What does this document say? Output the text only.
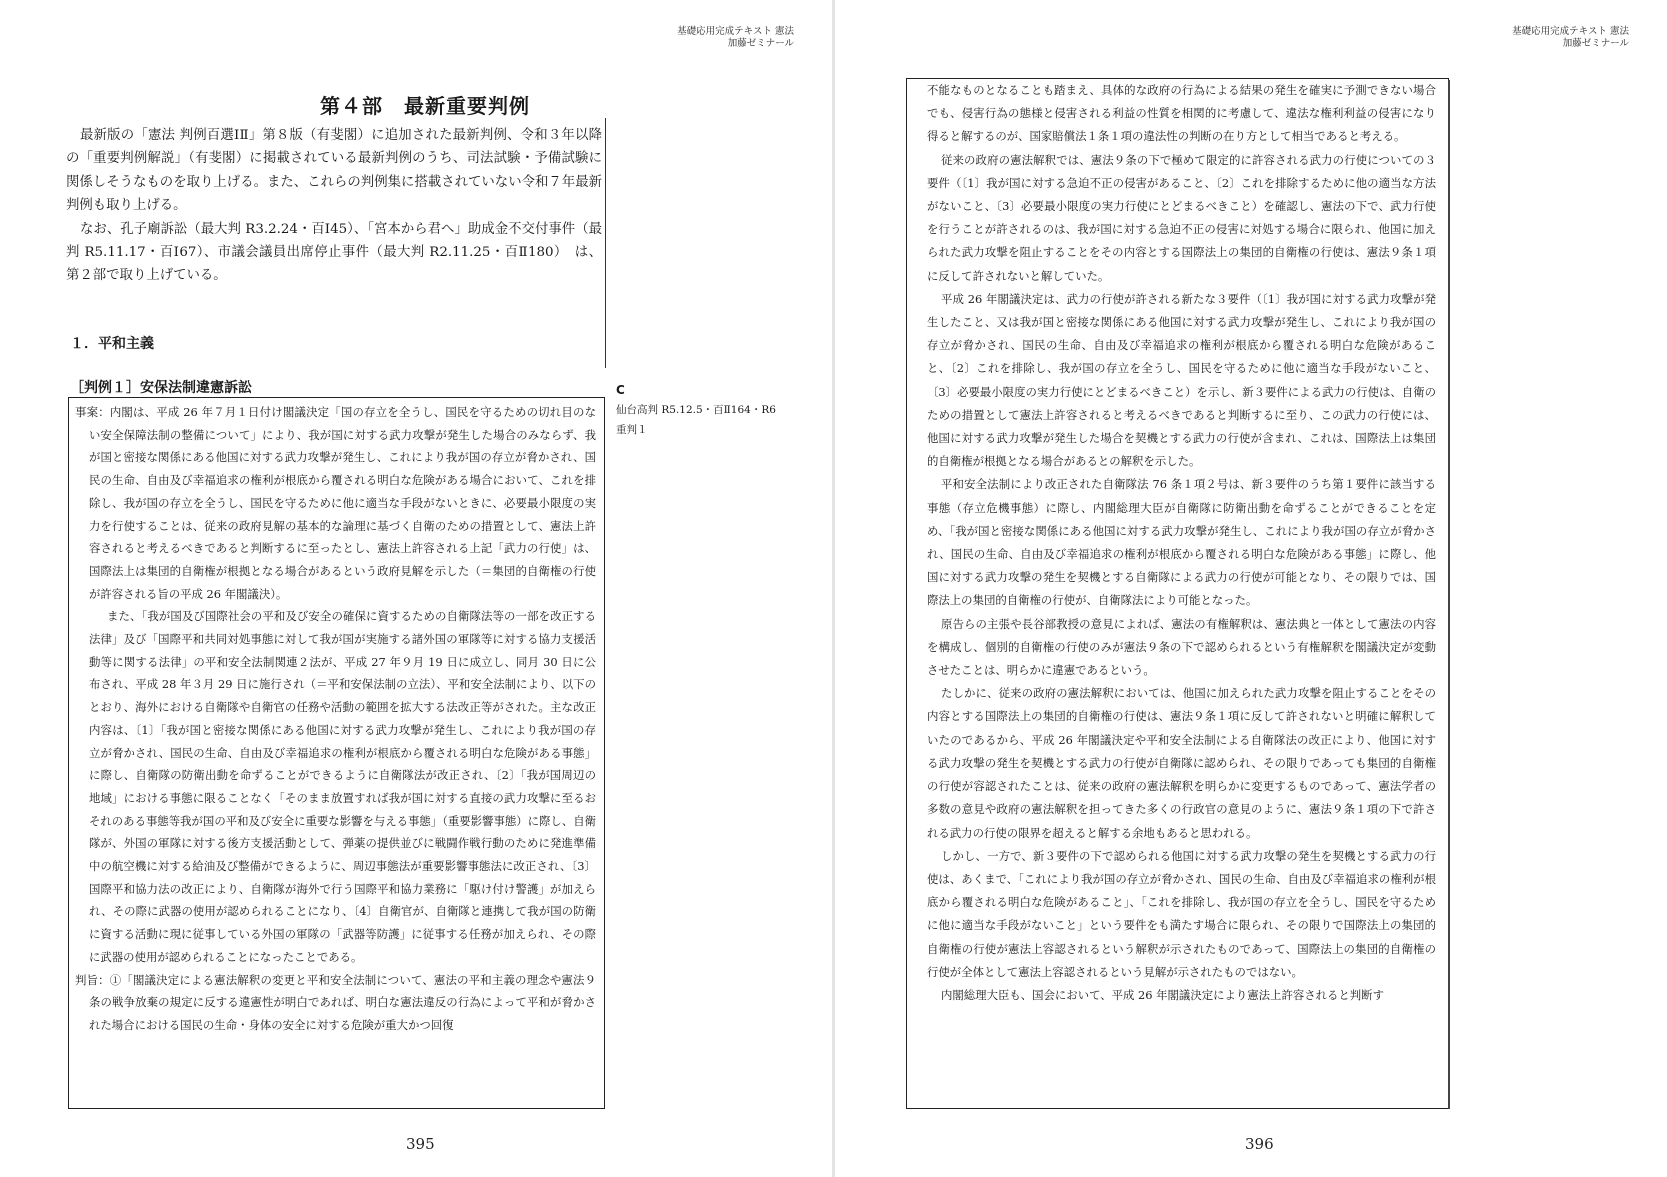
基礎応用完成テキスト 憲法
加藤ゼミナール
第４部　最新重要判例

最新版の「憲法 判例百選ⅠⅡ」第８版（有斐閣）に追加された最新判例、令和３年以降の「重要判例解説」（有斐閣）に掲載されている最新判例のうち、司法試験・予備試験に関係しそうなものを取り上げる。また、これらの判例集に搭載されていない令和７年最新判例も取り上げる。

なお、孔子廟訴訟（最大判 R3.2.24・百Ⅰ45）、「宮本から君へ」助成金不交付事件（最判 R5.11.17・百Ⅰ67）、市議会議員出席停止事件（最大判 R2.11.25・百Ⅱ180）　は、第２部で取り上げている。

１．平和主義
［判例１］安保法制違憲訴訟

事案：内閣は、平成 26 年７月１日付け閣議決定「国の存立を全うし、国民を守るための切れ目のない安全保障法制の整備について」により、我が国に対する武力攻撃が発生した場合のみならず、我が国と密接な関係にある他国に対する武力攻撃が発生し、これにより我が国の存立が脅かされ、国民の生命、自由及び幸福追求の権利が根底から覆される明白な危険がある場合において、これを排除し、我が国の存立を全うし、国民を守るために他に適当な手段がないときに、必要最小限度の実力を行使することは、従来の政府見解の基本的な論理に基づく自衛のための措置として、憲法上許容されると考えるべきであると判断するに至ったとし、憲法上許容される上記「武力の行使」は、国際法上は集団的自衛権が根拠となる場合があるという政府見解を示した（＝集団的自衛権の行使が許容される旨の平成 26 年閣議決）。

また、「我が国及び国際社会の平和及び安全の確保に資するための自衛隊法等の一部を改正する法律」及び「国際平和共同対処事態に対して我が国が実施する諸外国の軍隊等に対する協力支援活動等に関する法律」の平和安全法制関連２法が、平成 27 年９月 19 日に成立し、同月 30 日に公布され、平成 28 年３月 29 日に施行され（＝平和安保法制の立法）、平和安全法制により、以下のとおり、海外における自衛隊や自衛官の任務や活動の範囲を拡大する法改正等がされた。主な改正内容は、〔1〕「我が国と密接な関係にある他国に対する武力攻撃が発生し、これにより我が国の存立が脅かされ、国民の生命、自由及び幸福追求の権利が根底から覆される明白な危険がある事態」に際し、自衛隊の防衛出動を命ずることができるように自衛隊法が改正され、〔2〕「我が国周辺の地域」における事態に限ることなく「そのまま放置すれば我が国に対する直接の武力攻撃に至るおそれのある事態等我が国の平和及び安全に重要な影響を与える事態」（重要影響事態）に際し、自衛隊が、外国の軍隊に対する後方支援活動として、弾薬の提供並びに戦闘作戦行動のために発進準備中の航空機に対する給油及び整備ができるように、周辺事態法が重要影響事態法に改正され、〔3〕国際平和協力法の改正により、自衛隊が海外で行う国際平和協力業務に「駆け付け警護」が加えられ、その際に武器の使用が認められることになり、〔4〕自衛官が、自衛隊と連携して我が国の防衛に資する活動に現に従事している外国の軍隊の「武器等防護」に従事する任務が加えられ、その際に武器の使用が認められることになったことである。

判旨：①「閣議決定による憲法解釈の変更と平和安全法制について、憲法の平和主義の理念や憲法９条の戦争放棄の規定に反する違憲性が明白であれば、明白な憲法違反の行為によって平和が脅かされた場合における国民の生命・身体の安全に対する危険が重大かつ回復

C
仙台高判 R5.12.5・百Ⅱ164・R6 重判１
395
基礎応用完成テキスト 憲法
加藤ゼミナール

不能なものとなることも踏まえ、具体的な政府の行為による結果の発生を確実に予測できない場合でも、侵害行為の態様と侵害される利益の性質を相関的に考慮して、違法な権利利益の侵害になり得ると解するのが、国家賠償法１条１項の違法性の判断の在り方として相当であると考える。

従来の政府の憲法解釈では、憲法９条の下で極めて限定的に許容される武力の行使についての３要件（〔1〕我が国に対する急迫不正の侵害があること、〔2〕これを排除するために他の適当な方法がないこと、〔3〕必要最小限度の実力行使にとどまるべきこと）を確認し、憲法の下で、武力行使を行うことが許されるのは、我が国に対する急迫不正の侵害に対処する場合に限られ、他国に加えられた武力攻撃を阻止することをその内容とする国際法上の集団的自衛権の行使は、憲法９条１項に反して許されないと解していた。

平成 26 年閣議決定は、武力の行使が許される新たな３要件（〔1〕我が国に対する武力攻撃が発生したこと、又は我が国と密接な関係にある他国に対する武力攻撃が発生し、これにより我が国の存立が脅かされ、国民の生命、自由及び幸福追求の権利が根底から覆される明白な危険があること、〔2〕これを排除し、我が国の存立を全うし、国民を守るために他に適当な手段がないこと、〔3〕必要最小限度の実力行使にとどまるべきこと）を示し、新３要件による武力の行使は、自衛のための措置として憲法上許容されると考えるべきであると判断するに至り、この武力の行使には、他国に対する武力攻撃が発生した場合を契機とする武力の行使が含まれ、これは、国際法上は集団的自衛権が根拠となる場合があるとの解釈を示した。

平和安全法制により改正された自衛隊法 76 条１項２号は、新３要件のうち第１要件に該当する事態（存立危機事態）に際し、内閣総理大臣が自衛隊に防衛出動を命ずることができることを定め、「我が国と密接な関係にある他国に対する武力攻撃が発生し、これにより我が国の存立が脅かされ、国民の生命、自由及び幸福追求の権利が根底から覆される明白な危険がある事態」に際し、他国に対する武力攻撃の発生を契機とする自衛隊による武力の行使が可能となり、その限りでは、国際法上の集団的自衛権の行使が、自衛隊法により可能となった。

原告らの主張や長谷部教授の意見によれば、憲法の有権解釈は、憲法典と一体として憲法の内容を構成し、個別的自衛権の行使のみが憲法９条の下で認められるという有権解釈を閣議決定が変動させたことは、明らかに違憲であるという。

たしかに、従来の政府の憲法解釈においては、他国に加えられた武力攻撃を阻止することをその内容とする国際法上の集団的自衛権の行使は、憲法９条１項に反して許されないと明確に解釈していたのであるから、平成 26 年閣議決定や平和安全法制による自衛隊法の改正により、他国に対する武力攻撃の発生を契機とする武力の行使が自衛隊に認められ、その限りであっても集団的自衛権の行使が容認されたことは、従来の政府の憲法解釈を明らかに変更するものであって、憲法学者の多数の意見や政府の憲法解釈を担ってきた多くの行政官の意見のように、憲法９条１項の下で許される武力の行使の限界を超えると解する余地もあると思われる。

しかし、一方で、新３要件の下で認められる他国に対する武力攻撃の発生を契機とする武力の行使は、あくまで、「これにより我が国の存立が脅かされ、国民の生命、自由及び幸福追求の権利が根底から覆される明白な危険があること」、「これを排除し、我が国の存立を全うし、国民を守るために他に適当な手段がないこと」という要件をも満たす場合に限られ、その限りで国際法上の集団的自衛権の行使が憲法上容認されるという解釈が示されたものであって、国際法上の集団的自衛権の行使が全体として憲法上容認されるという見解が示されたものではない。

内閣総理大臣も、国会において、平成 26 年閣議決定により憲法上許容されると判断す

396
